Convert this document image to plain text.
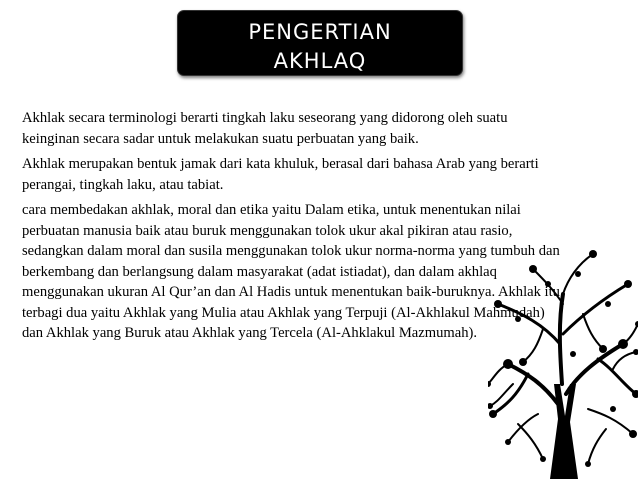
PENGERTIAN
AKHLAQ

Akhlak secara terminologi berarti tingkah laku seseorang yang didorong oleh suatu keinginan secara sadar untuk melakukan suatu perbuatan yang baik.

Akhlak merupakan bentuk jamak dari kata khuluk, berasal dari bahasa Arab yang berarti perangai, tingkah laku, atau tabiat.

cara membedakan akhlak, moral dan etika yaitu Dalam etika, untuk menentukan nilai perbuatan manusia baik atau buruk menggunakan tolok ukur akal pikiran atau rasio, sedangkan dalam moral dan susila menggunakan tolok ukur norma-norma yang tumbuh dan berkembang dan berlangsung dalam masyarakat (adat istiadat), dan dalam akhlaq menggunakan ukuran Al Qur’an dan Al Hadis untuk menentukan baik-buruknya. Akhlak itu terbagi dua yaitu Akhlak yang Mulia atau Akhlak yang Terpuji (Al-Akhlakul Mahmudah) dan Akhlak yang Buruk atau Akhlak yang Tercela (Al-Ahklakul Mazmumah).
